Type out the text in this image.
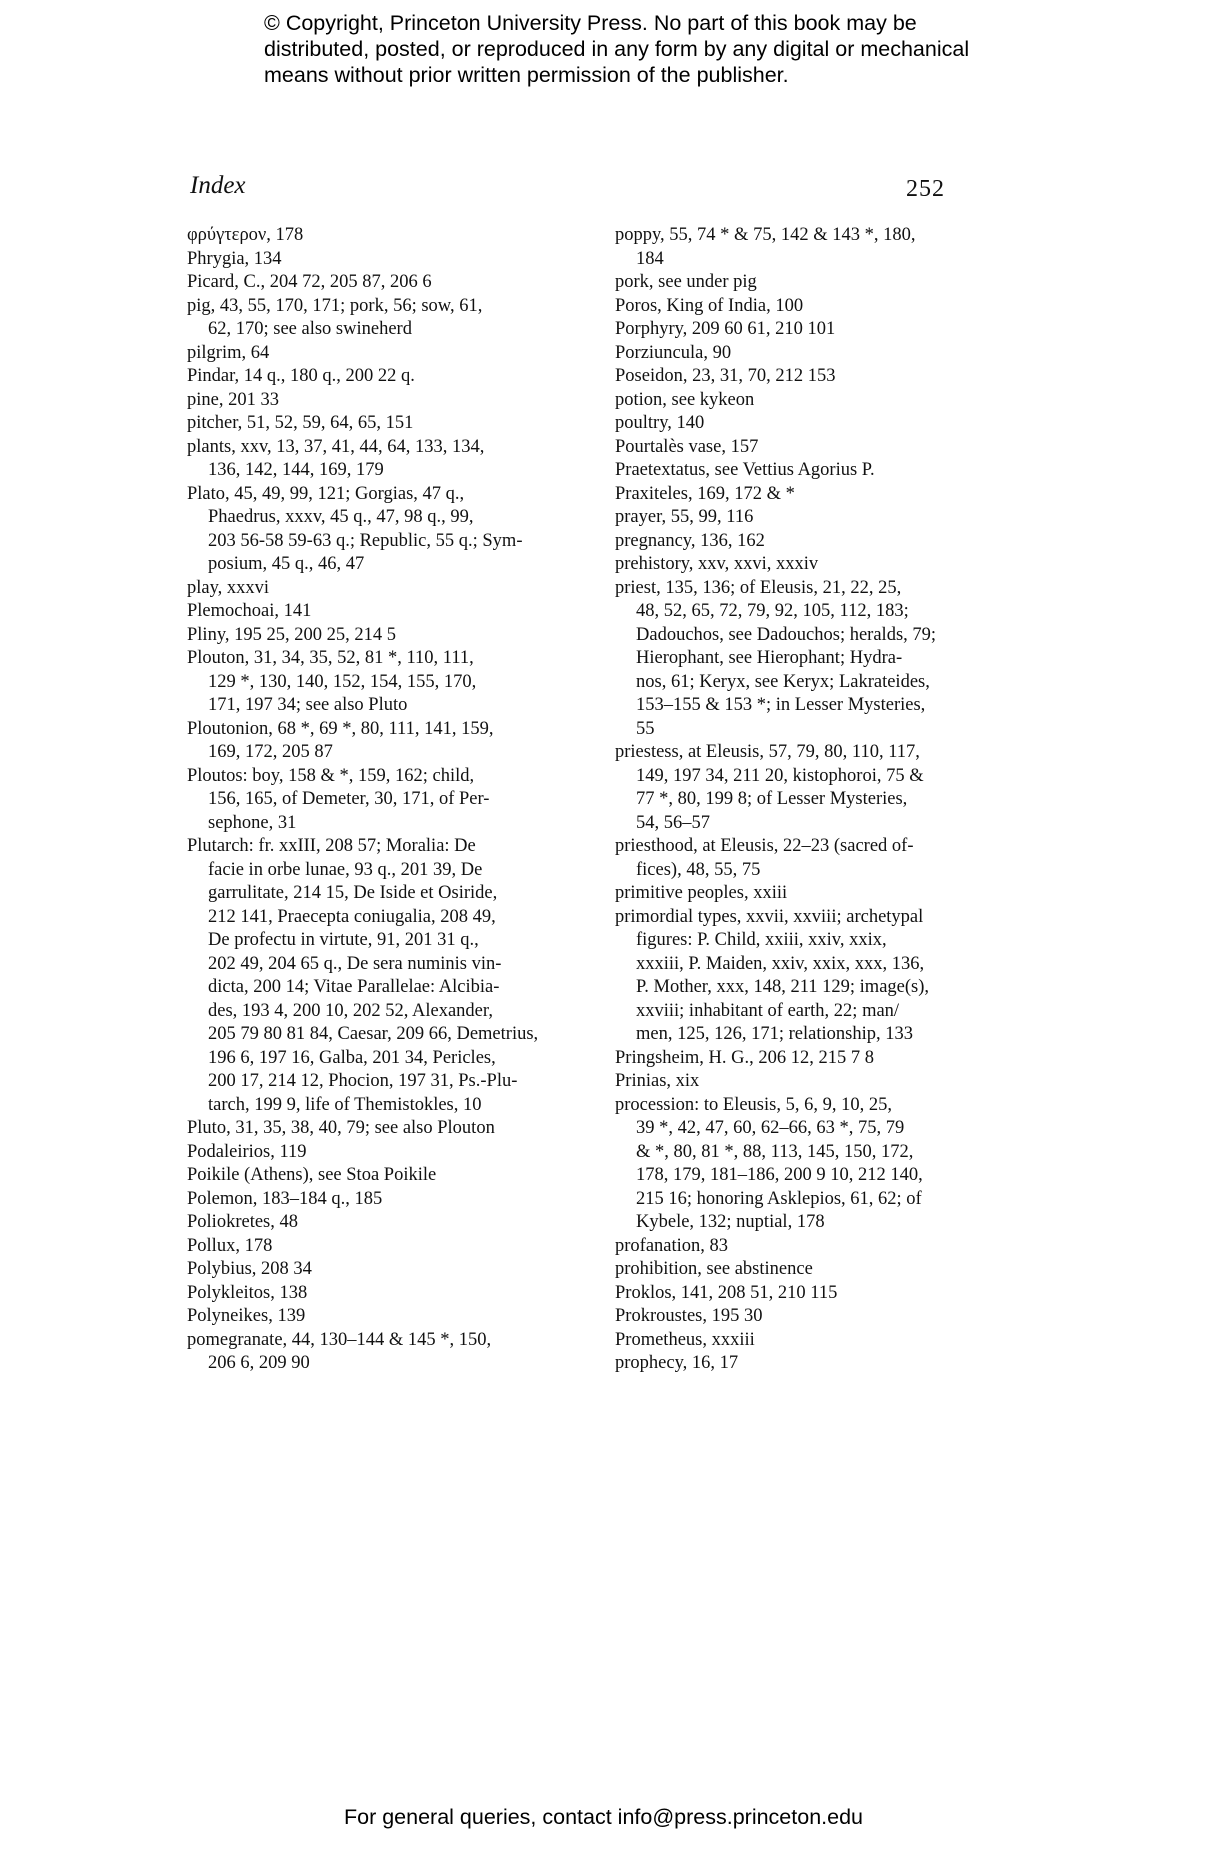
© Copyright, Princeton University Press. No part of this book may be
distributed, posted, or reproduced in any form by any digital or mechanical
means without prior written permission of the publisher.
Index	252
φρύγτερον, 178
Phrygia, 134
Picard, C., 204 72, 205 87, 206 6
pig, 43, 55, 170, 171; pork, 56; sow, 61,
62, 170; see also swineherd
pilgrim, 64
Pindar, 14 q., 180 q., 200 22 q.
pine, 201 33
pitcher, 51, 52, 59, 64, 65, 151
plants, xxv, 13, 37, 41, 44, 64, 133, 134,
136, 142, 144, 169, 179
Plato, 45, 49, 99, 121; Gorgias, 47 q.,
Phaedrus, xxxv, 45 q., 47, 98 q., 99,
203 56-58 59-63 q.; Republic, 55 q.; Sym-
posium, 45 q., 46, 47
play, xxxvi
Plemochoai, 141
Pliny, 195 25, 200 25, 214 5
Plouton, 31, 34, 35, 52, 81 *, 110, 111,
129 *, 130, 140, 152, 154, 155, 170,
171, 197 34; see also Pluto
Ploutonion, 68 *, 69 *, 80, 111, 141, 159,
169, 172, 205 87
Ploutos: boy, 158 & *, 159, 162; child,
156, 165, of Demeter, 30, 171, of Per-
sephone, 31
Plutarch: fr. xxIII, 208 57; Moralia: De
facie in orbe lunae, 93 q., 201 39, De
garrulitate, 214 15, De Iside et Osiride,
212 141, Praecepta coniugalia, 208 49,
De profectu in virtute, 91, 201 31 q.,
202 49, 204 65 q., De sera numinis vin-
dicta, 200 14; Vitae Parallelae: Alcibia-
des, 193 4, 200 10, 202 52, Alexander,
205 79 80 81 84, Caesar, 209 66, Demetrius,
196 6, 197 16, Galba, 201 34, Pericles,
200 17, 214 12, Phocion, 197 31, Ps.-Plu-
tarch, 199 9, life of Themistokles, 10
Pluto, 31, 35, 38, 40, 79; see also Plouton
Podaleirios, 119
Poikile (Athens), see Stoa Poikile
Polemon, 183–184 q., 185
Poliokretes, 48
Pollux, 178
Polybius, 208 34
Polykleitos, 138
Polyneikes, 139
pomegranate, 44, 130–144 & 145 *, 150,
206 6, 209 90
poppy, 55, 74 * & 75, 142 & 143 *, 180,
184
pork, see under pig
Poros, King of India, 100
Porphyry, 209 60 61, 210 101
Porziuncula, 90
Poseidon, 23, 31, 70, 212 153
potion, see kykeon
poultry, 140
Pourtalès vase, 157
Praetextatus, see Vettius Agorius P.
Praxiteles, 169, 172 & *
prayer, 55, 99, 116
pregnancy, 136, 162
prehistory, xxv, xxvi, xxxiv
priest, 135, 136; of Eleusis, 21, 22, 25,
48, 52, 65, 72, 79, 92, 105, 112, 183;
Dadouchos, see Dadouchos; heralds, 79;
Hierophant, see Hierophant; Hydra-
nos, 61; Keryx, see Keryx; Lakrateides,
153–155 & 153 *; in Lesser Mysteries,
55
priestess, at Eleusis, 57, 79, 80, 110, 117,
149, 197 34, 211 20, kistophoroi, 75 &
77 *, 80, 199 8; of Lesser Mysteries,
54, 56–57
priesthood, at Eleusis, 22–23 (sacred of-
fices), 48, 55, 75
primitive peoples, xxiii
primordial types, xxvii, xxviii; archetypal
figures: P. Child, xxiii, xxiv, xxix,
xxxiii, P. Maiden, xxiv, xxix, xxx, 136,
P. Mother, xxx, 148, 211 129; image(s),
xxviii; inhabitant of earth, 22; man/
men, 125, 126, 171; relationship, 133
Pringsheim, H. G., 206 12, 215 7 8
Prinias, xix
procession: to Eleusis, 5, 6, 9, 10, 25,
39 *, 42, 47, 60, 62–66, 63 *, 75, 79
& *, 80, 81 *, 88, 113, 145, 150, 172,
178, 179, 181–186, 200 9 10, 212 140,
215 16; honoring Asklepios, 61, 62; of
Kybele, 132; nuptial, 178
profanation, 83
prohibition, see abstinence
Proklos, 141, 208 51, 210 115
Prokroustes, 195 30
Prometheus, xxxiii
prophecy, 16, 17
For general queries, contact info@press.princeton.edu
